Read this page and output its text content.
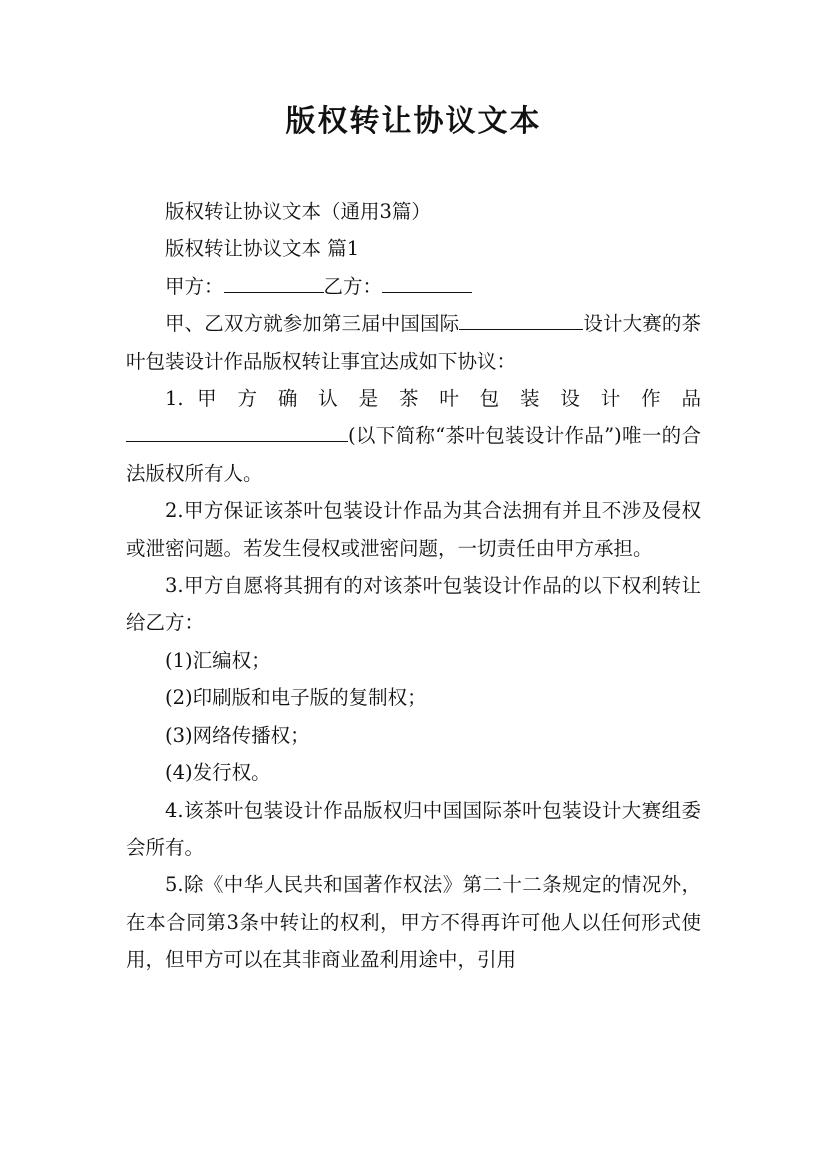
版权转让协议文本

版权转让协议文本（通用3篇）

版权转让协议文本 篇1

甲方：	乙方：

甲、乙双方就参加第三届中国国际	设计大赛的茶叶包装设计作品版权转让事宜达成如下协议：

1. 甲 方 确 认 是 茶 叶 包 装 设 计 作 品

(以下简称“茶叶包装设计作品”)唯一的合法版权所有人。

2.甲方保证该茶叶包装设计作品为其合法拥有并且不涉及侵权或泄密问题。若发生侵权或泄密问题，一切责任由甲方承担。

3.甲方自愿将其拥有的对该茶叶包装设计作品的以下权利转让给乙方：

(1)汇编权；

(2)印刷版和电子版的复制权；

(3)网络传播权；

(4)发行权。

4.该茶叶包装设计作品版权归中国国际茶叶包装设计大赛组委会所有。

5.除《中华人民共和国著作权法》第二十二条规定的情况外，在本合同第3条中转让的权利，甲方不得再许可他人以任何形式使用，但甲方可以在其非商业盈利用途中，引用
